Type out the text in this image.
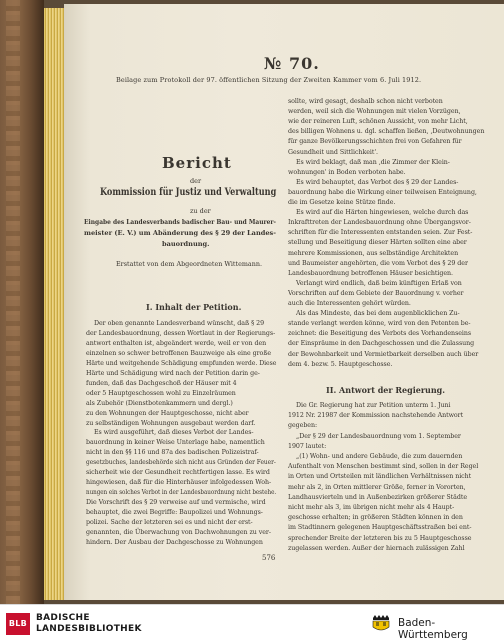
№ 70.
Beilage zum Protokoll der 97. öffentlichen Sitzung der Zweiten Kammer vom 6. Juli 1912.
Bericht
der
Kommission für Justiz und Verwaltung
zu der
Eingabe des Landesverbands badischer Bau- und Maurer-
meister (E. V.) um Abänderung des § 29 der Landes-
bauordnung.
Erstattet von dem Abgeordneten Wittemann.
I. Inhalt der Petition.
Der oben genannte Landesverband wünscht, daß § 29
der Landesbauordnung, dessen Wortlaut in der Regierungs-
antwort enthalten ist, abgeändert werde, weil er von den
einzelnen so schwer betroffenen Bauzweige als eine große
Härte und weitgehende Schädigung empfunden werde. Diese
Härte und Schädigung wird nach der Petition darin ge-
funden, daß das Dachgeschoß der Häuser mit 4
oder 5 Hauptgeschossen wohl zu Einzelräumen
als Zubehör (Dienstbotenkammern und dergl.)
zu den Wohnungen der Hauptgeschosse, nicht aber
zu selbständigen Wohnungen ausgebaut werden darf.
Es wird ausgeführt, daß dieses Verbot der Landes-
bauordnung in keiner Weise Unterlage habe, namentlich
nicht in den §§ 116 und 87a des badischen Polizeistraf-
gesetzbuches, landesbehörde sich nicht aus Gründen der Feuer-
sicherheit wie der Gesundheit rechtfertigen lasse. Es wird
hingewiesen, daß für die Hinterhäuser infolgedessen Woh-
nungen ein solches Verbot in der Landesbauordnung nicht bestehe.
Die Vorschrift des § 29 verweise auf und vermische, wird
behauptet, die zwei Begriffe: Baupolizei und Wohnungs-
polizei. Sache der letzteren sei es und nicht der erst-
genannten, die Überwachung von Dachwohnungen zu ver-
hindern. Der Ausbau der Dachgeschosse zu Wohnungen
sollte, wird gesagt, deshalb schon nicht verboten
werden, weil sich die Wohnungen mit vielen Vorzügen,
wie der reineren Luft, schönen Aussicht, von mehr Licht,
des billigen Wohnens u. dgl. schaffen ließen, ‚Deutwohnungen
für ganze Bevölkerungsschichten frei von Gefahren für
Gesundheit und Sittlichkeit'.
Es wird beklagt, daß man ‚die Zimmer der Klein-
wohnungen' in Boden verboten habe.
Es wird behauptet, das Verbot des § 29 der Landes-
bauordnung habe die Wirkung einer teilweisen Enteignung,
die im Gesetze keine Stütze finde.
Es wird auf die Härten hingewiesen, welche durch das
Inkrafttreten der Landesbauordnung ohne Übergangsvor-
schriften für die Interessenten entstanden seien. Zur Fest-
stellung und Beseitigung dieser Härten sollten eine aber
mehrere Kommissionen, aus selbständige Architekten
und Baumeister angehörten, die vom Verbot des § 29 der
Landesbauordnung betroffenen Häuser besichtigen.
Verlangt wird endlich, daß beim künftigen Erlaß von
Vorschriften auf dem Gebiete der Bauordnung v. vorher
auch die Interessenten gehört würden.
Als das Mindeste, das bei dem augenblicklichen Zu-
stande verlangt werden könne, wird von den Petenten be-
zeichnet: die Beseitigung des Verbots des Vorhandenseins
der Einspräume in den Dachgeschossen und die Zulassung
der Bewohnbarkeit und Vermietbarkeit derselben auch über
dem 4. bezw. 5. Hauptgeschosse.
II. Antwort der Regierung.
Die Gr. Regierung hat zur Petition unterm 1. Juni
1912 Nr. 21987 der Kommission nachstehende Antwort
gegeben:
„Der § 29 der Landesbauordnung vom 1. September
1907 lautet:
„(1) Wohn- und andere Gebäude, die zum dauernden
Aufenthalt von Menschen bestimmt sind, sollen in der Regel
in Orten und Ortsteilen mit ländlichen Verhältnissen nicht
mehr als 2, in Orten mittlerer Größe, ferner in Vororten,
Landhausvierteln und in Außenbezirken größerer Städte
nicht mehr als 3, im übrigen nicht mehr als 4 Haupt-
geschosse erhalten; in größeren Städten können in den
im Stadtinnern gelegenen Hauptgeschäftsstraßen bei ent-
sprechender Breite der letzteren bis zu 5 Hauptgeschosse
zugelassen werden. Außer der hiernach zulässigen Zahl
576
BLB
BADISCHE
LANDESBIBLIOTHEK	Baden-Württemberg
